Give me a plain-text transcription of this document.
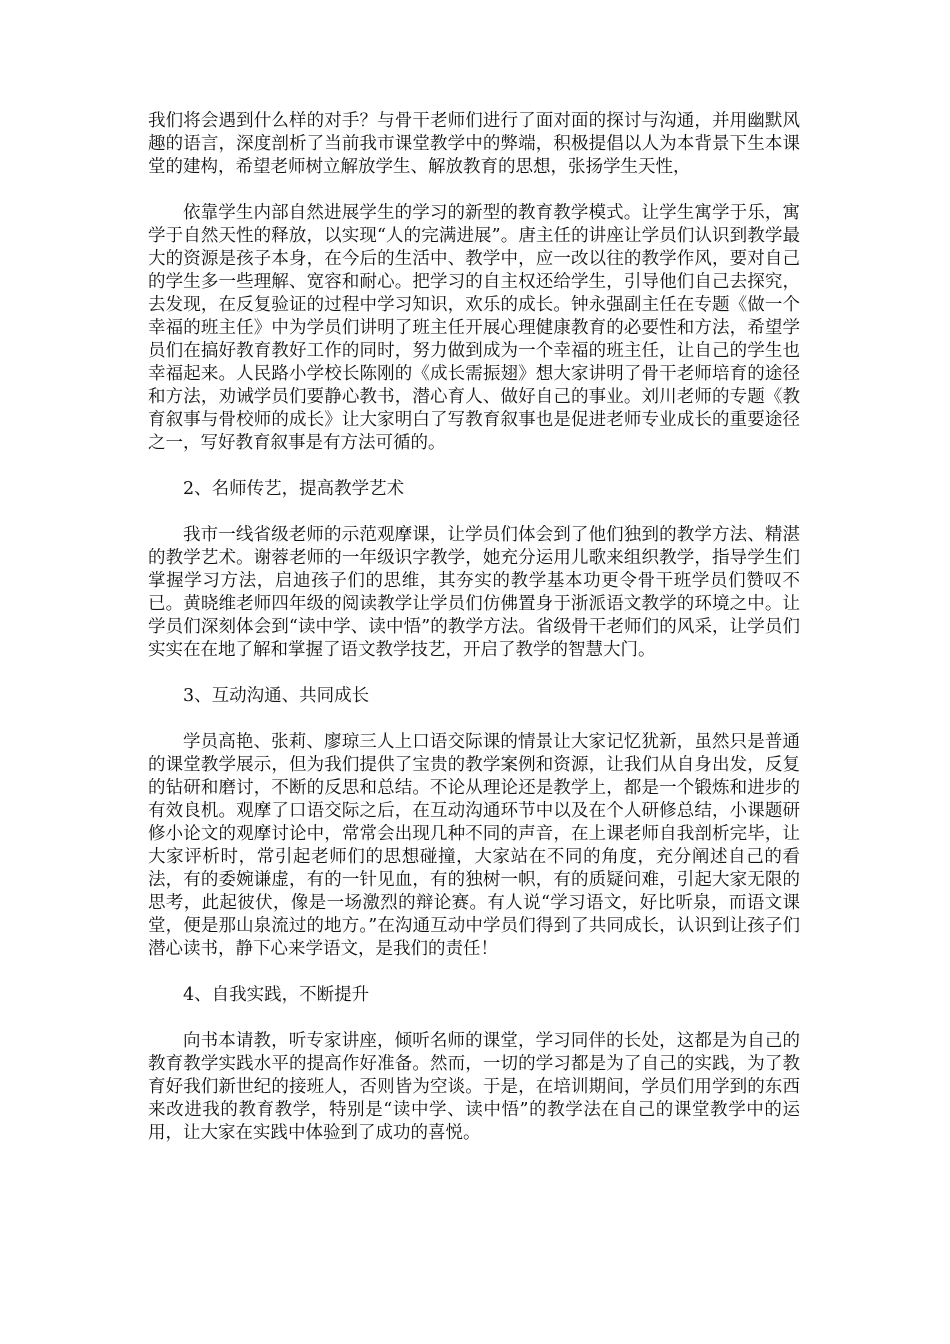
我们将会遇到什么样的对手？与骨干老师们进行了面对面的探讨与沟通，并用幽默风趣的语言，深度剖析了当前我市课堂教学中的弊端，积极提倡以人为本背景下生本课堂的建构，希望老师树立解放学生、解放教育的思想，张扬学生天性，

依靠学生内部自然进展学生的学习的新型的教育教学模式。让学生寓学于乐，寓学于自然天性的释放，以实现“人的完满进展”。唐主任的讲座让学员们认识到教学最大的资源是孩子本身，在今后的生活中、教学中，应一改以往的教学作风，要对自己的学生多一些理解、宽容和耐心。把学习的自主权还给学生，引导他们自己去探究，去发现，在反复验证的过程中学习知识，欢乐的成长。钟永强副主任在专题《做一个幸福的班主任》中为学员们讲明了班主任开展心理健康教育的必要性和方法，希望学员们在搞好教育教好工作的同时，努力做到成为一个幸福的班主任，让自己的学生也幸福起来。人民路小学校长陈刚的《成长需振翅》想大家讲明了骨干老师培育的途径和方法，劝诫学员们要静心教书，潜心育人、做好自己的事业。刘川老师的专题《教育叙事与骨校师的成长》让大家明白了写教育叙事也是促进老师专业成长的重要途径之一，写好教育叙事是有方法可循的。

2、名师传艺，提高教学艺术

我市一线省级老师的示范观摩课，让学员们体会到了他们独到的教学方法、精湛的教学艺术。谢蓉老师的一年级识字教学，她充分运用儿歌来组织教学，指导学生们掌握学习方法，启迪孩子们的思维，其夯实的教学基本功更令骨干班学员们赞叹不已。黄晓维老师四年级的阅读教学让学员们仿佛置身于浙派语文教学的环境之中。让学员们深刻体会到“读中学、读中悟”的教学方法。省级骨干老师们的风采，让学员们实实在在地了解和掌握了语文教学技艺，开启了教学的智慧大门。

3、互动沟通、共同成长

学员高艳、张莉、廖琼三人上口语交际课的情景让大家记忆犹新，虽然只是普通的课堂教学展示，但为我们提供了宝贵的教学案例和资源，让我们从自身出发，反复的钻研和磨讨，不断的反思和总结。不论从理论还是教学上，都是一个锻炼和进步的有效良机。观摩了口语交际之后，在互动沟通环节中以及在个人研修总结，小课题研修小论文的观摩讨论中，常常会出现几种不同的声音，在上课老师自我剖析完毕，让大家评析时，常引起老师们的思想碰撞，大家站在不同的角度，充分阐述自己的看法，有的委婉谦虚，有的一针见血，有的独树一帜，有的质疑问难，引起大家无限的思考，此起彼伏，像是一场激烈的辩论赛。有人说“学习语文，好比听泉，而语文课堂，便是那山泉流过的地方。”在沟通互动中学员们得到了共同成长，认识到让孩子们潜心读书，静下心来学语文，是我们的责任！

4、自我实践，不断提升

向书本请教，听专家讲座，倾听名师的课堂，学习同伴的长处，这都是为自己的教育教学实践水平的提高作好准备。然而，一切的学习都是为了自己的实践，为了教育好我们新世纪的接班人，否则皆为空谈。于是，在培训期间，学员们用学到的东西来改进我的教育教学，特别是“读中学、读中悟”的教学法在自己的课堂教学中的运用，让大家在实践中体验到了成功的喜悦。
